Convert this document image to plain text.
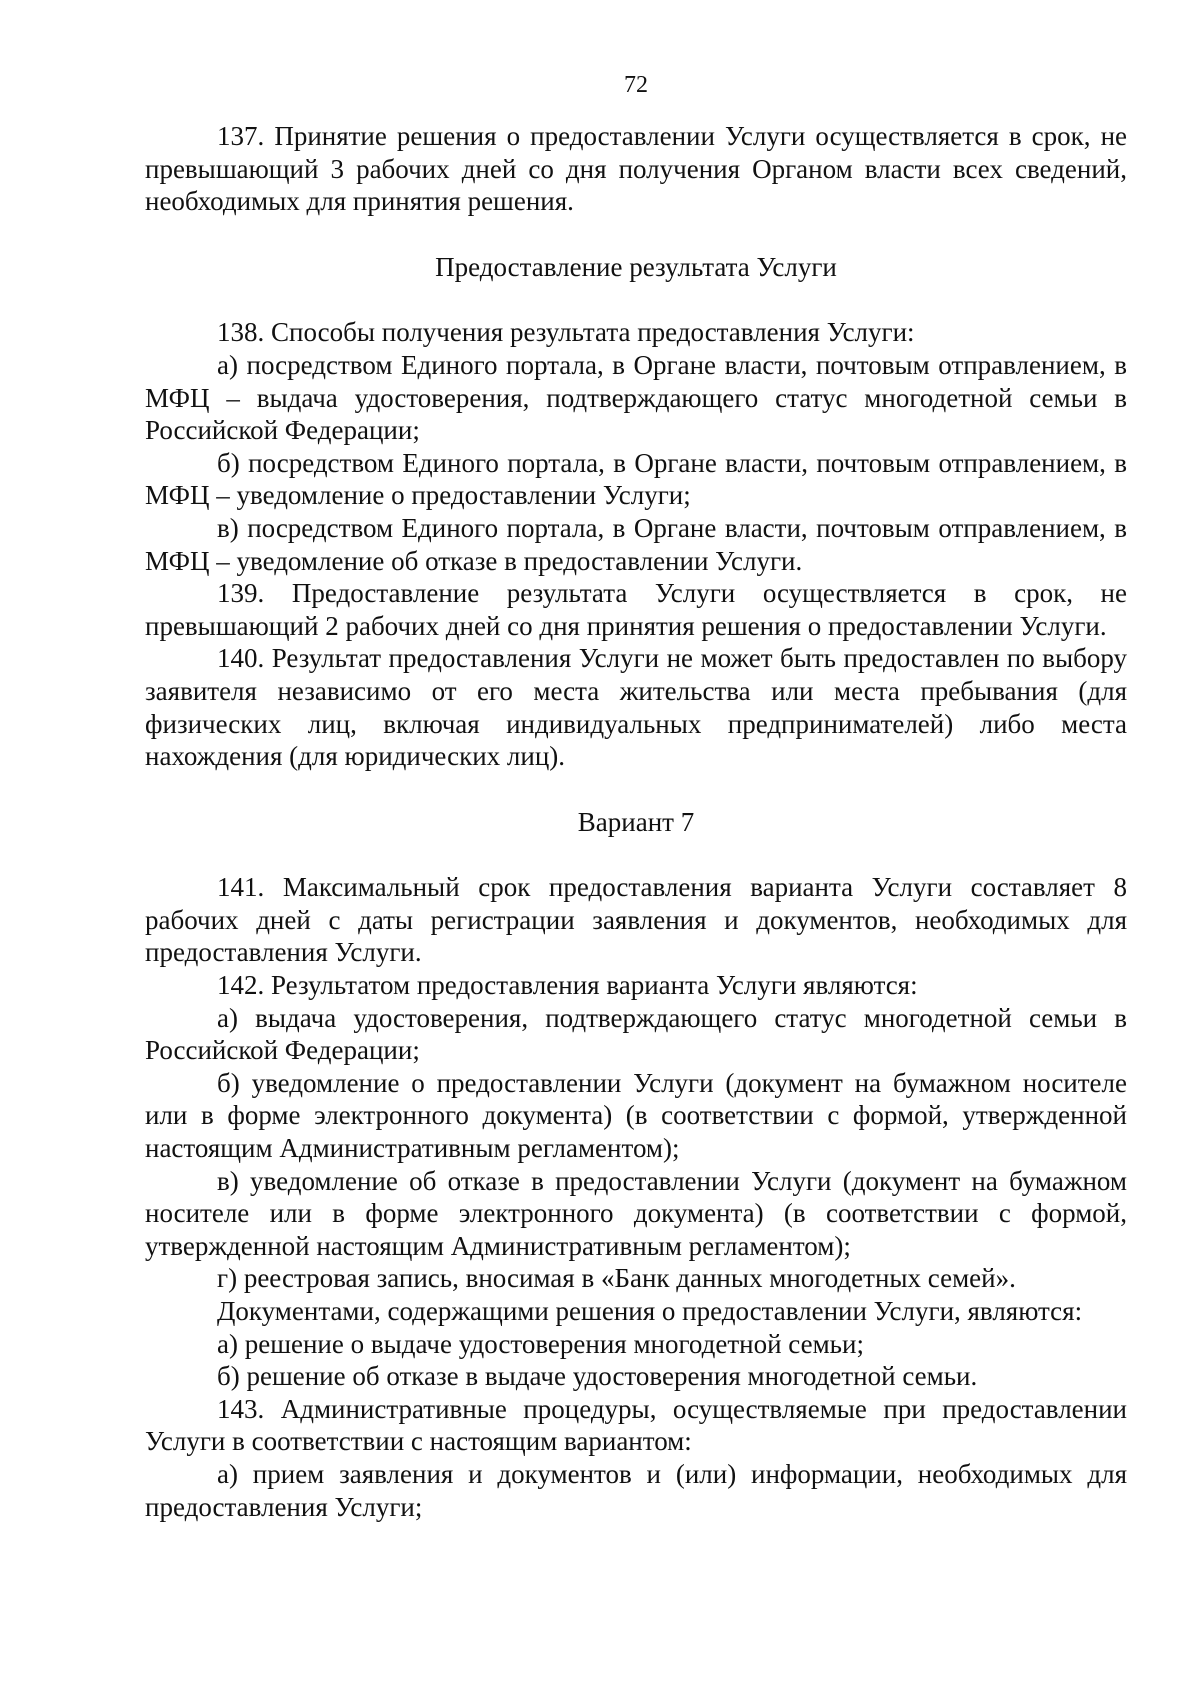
72

137. Принятие решения о предоставлении Услуги осуществляется в срок, не превышающий 3 рабочих дней со дня получения Органом власти всех сведений, необходимых для принятия решения.

Предоставление результата Услуги

138. Способы получения результата предоставления Услуги:

а) посредством Единого портала, в Органе власти, почтовым отправлением, в МФЦ – выдача удостоверения, подтверждающего статус многодетной семьи в Российской Федерации;

б) посредством Единого портала, в Органе власти, почтовым отправлением, в МФЦ – уведомление о предоставлении Услуги;

в) посредством Единого портала, в Органе власти, почтовым отправлением, в МФЦ – уведомление об отказе в предоставлении Услуги.

139. Предоставление результата Услуги осуществляется в срок, не превышающий 2 рабочих дней со дня принятия решения о предоставлении Услуги.

140. Результат предоставления Услуги не может быть предоставлен по выбору заявителя независимо от его места жительства или места пребывания (для физических лиц, включая индивидуальных предпринимателей) либо места нахождения (для юридических лиц).

Вариант 7

141. Максимальный срок предоставления варианта Услуги составляет 8 рабочих дней с даты регистрации заявления и документов, необходимых для предоставления Услуги.

142. Результатом предоставления варианта Услуги являются:

а) выдача удостоверения, подтверждающего статус многодетной семьи в Российской Федерации;

б) уведомление о предоставлении Услуги (документ на бумажном носителе или в форме электронного документа) (в соответствии с формой, утвержденной настоящим Административным регламентом);

в) уведомление об отказе в предоставлении Услуги (документ на бумажном носителе или в форме электронного документа) (в соответствии с формой, утвержденной настоящим Административным регламентом);

г) реестровая запись, вносимая в «Банк данных многодетных семей».

Документами, содержащими решения о предоставлении Услуги, являются:

а) решение о выдаче удостоверения многодетной семьи;

б) решение об отказе в выдаче удостоверения многодетной семьи.

143. Административные процедуры, осуществляемые при предоставлении Услуги в соответствии с настоящим вариантом:

а) прием заявления и документов и (или) информации, необходимых для предоставления Услуги;
